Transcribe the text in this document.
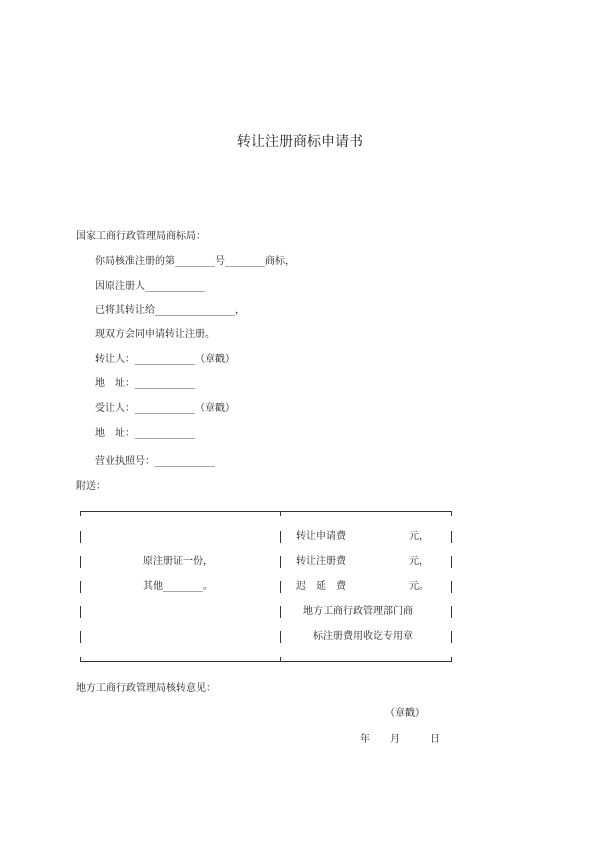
转让注册商标申请书
国家工商行政管理局商标局：
你局核准注册的第________号________商标，
因原注册人____________
已将其转让给________________，
现双方会同申请转让注册。
转让人：____________（章戳）
地　址：____________
受让人：____________（章戳）
地　址：____________
营业执照号：____________
附送：
原注册证一份，
其他________。
转让申请费	元，
转让注册费	元，
迟　延　费	元。
地方工商行政管理部门商
标注册费用收讫专用章
地方工商行政管理局核转意见：
（章戳）
年　　月　　　日
